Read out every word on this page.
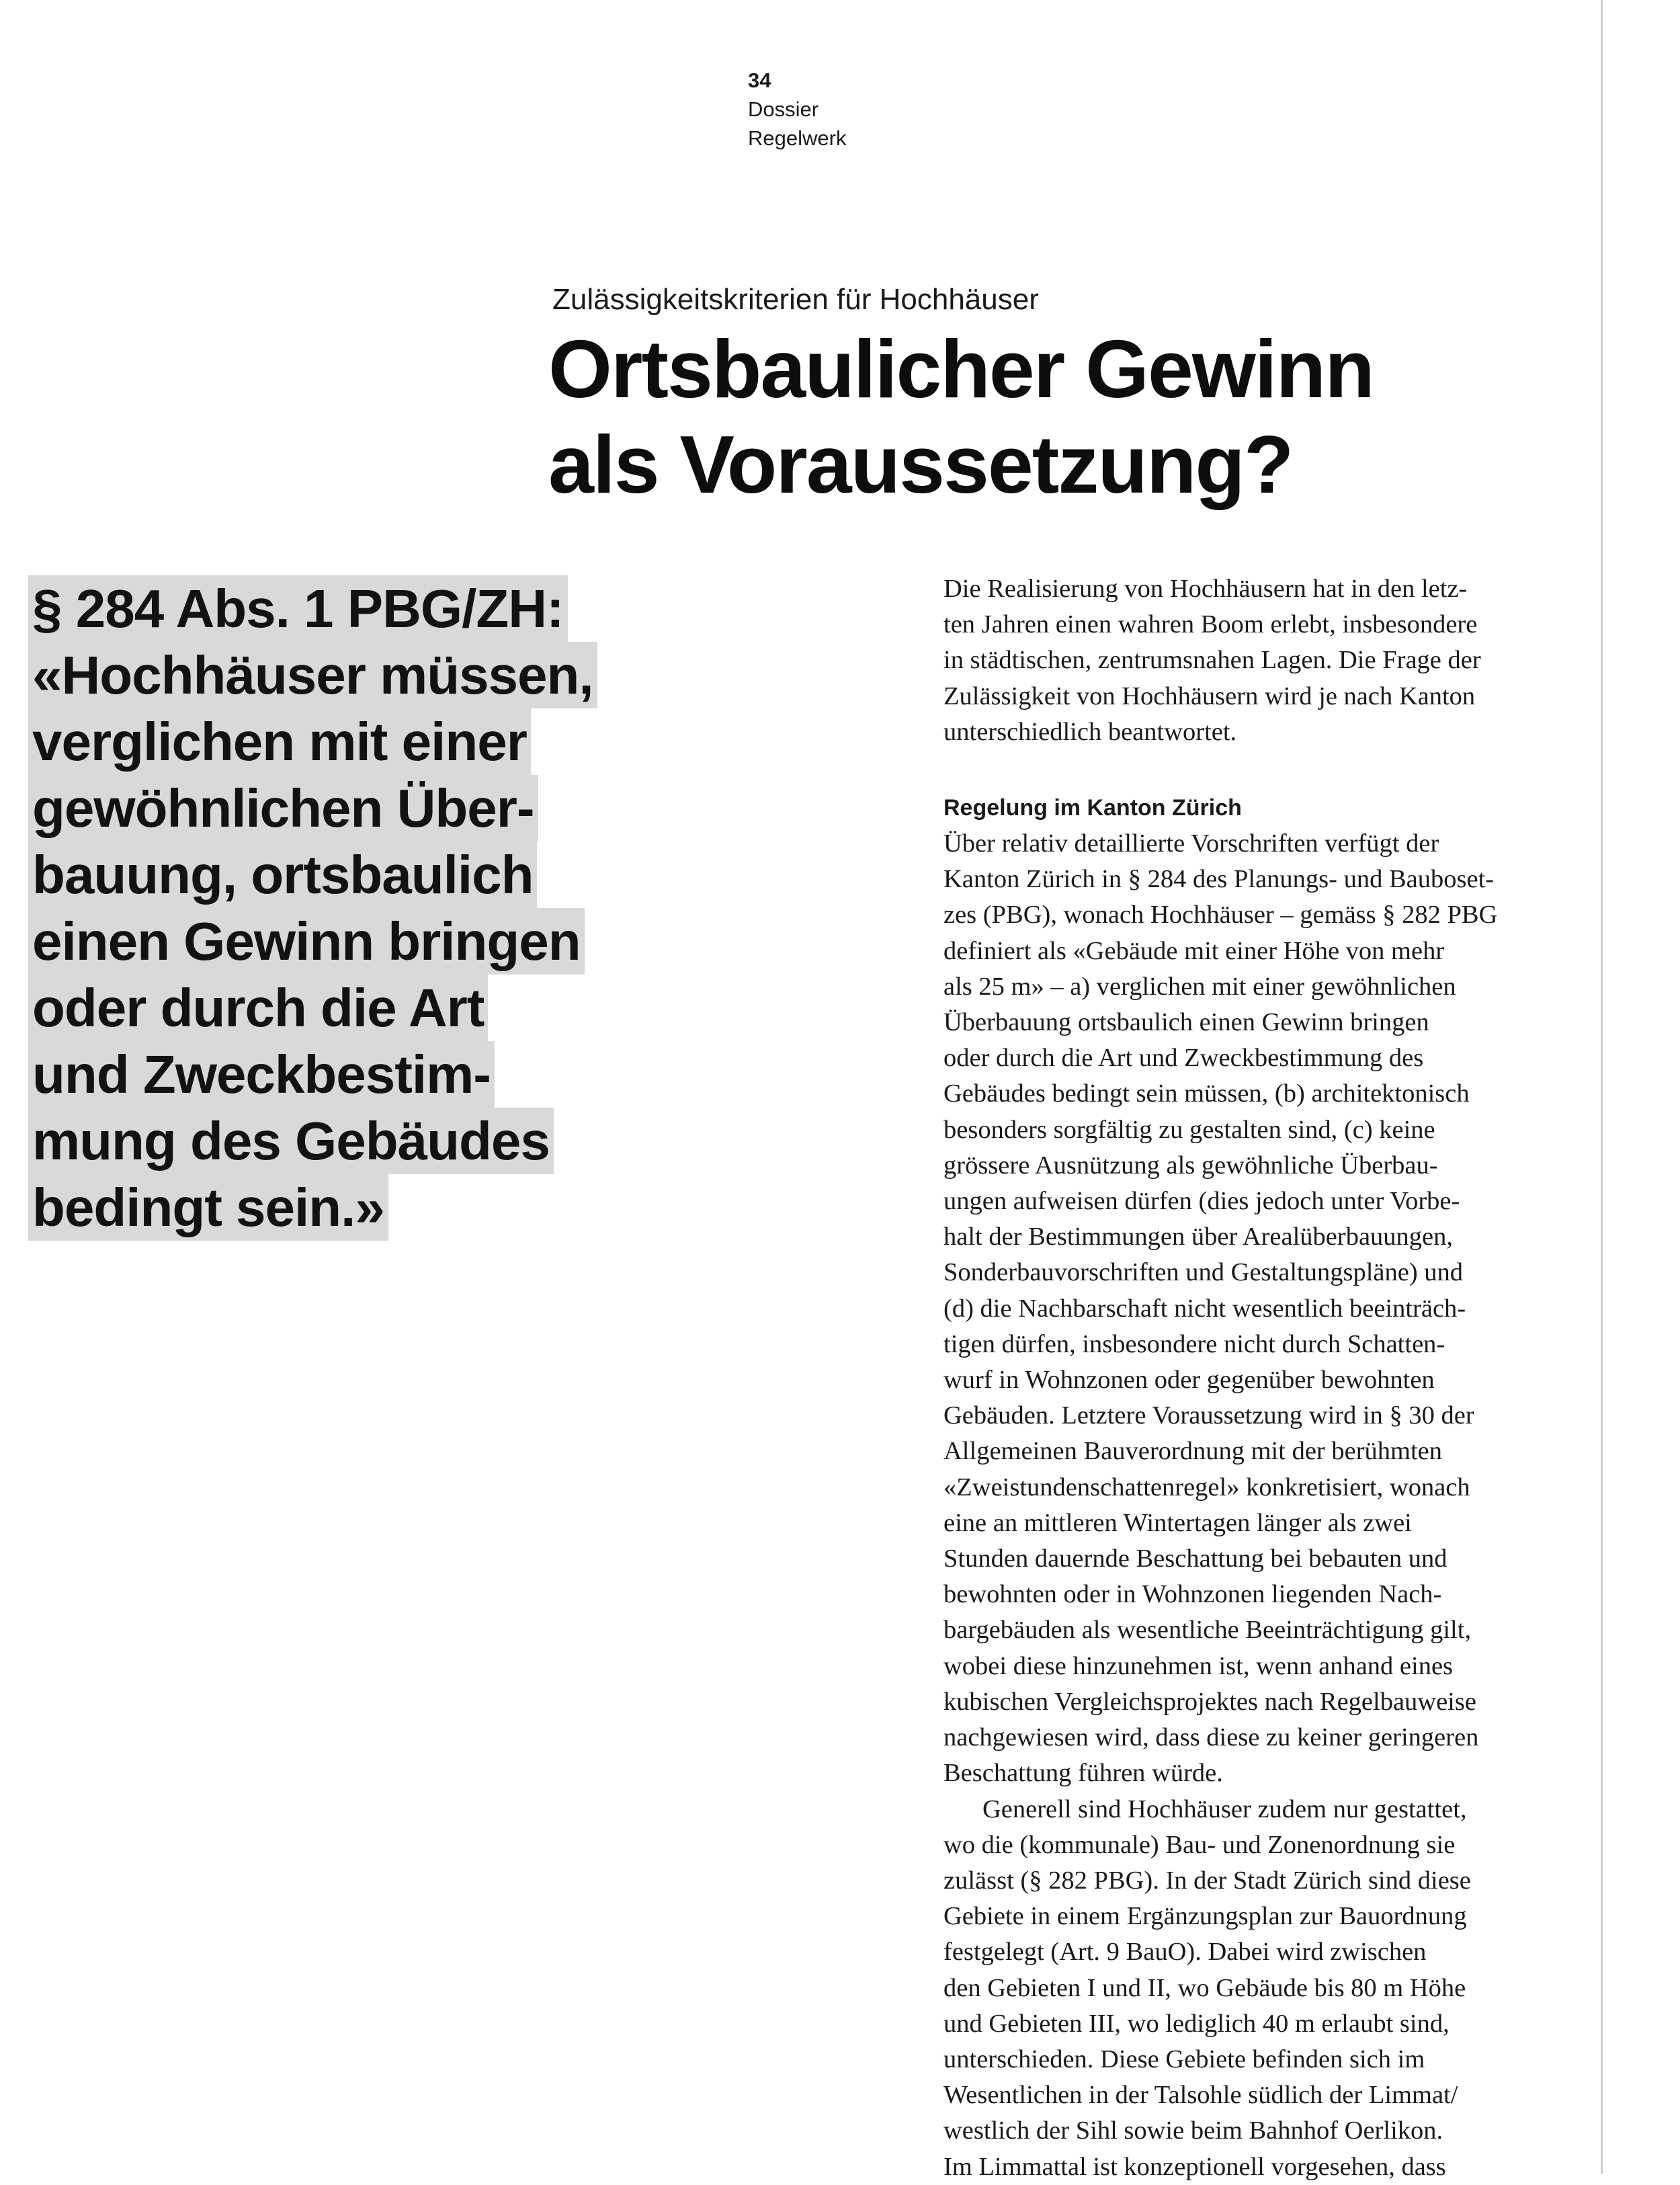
34
Dossier
Regelwerk
Zulässigkeitskriterien für Hochhäuser
Ortsbaulicher Gewinn
als Voraussetzung?
§ 284 Abs. 1 PBG/ZH:
«Hochhäuser müssen,
verglichen mit einer
gewöhnlichen Über-
bauung, ortsbaulich
einen Gewinn bringen
oder durch die Art
und Zweckbestim-
mung des Gebäudes
bedingt sein.»
Die Realisierung von Hochhäusern hat in den letz-
ten Jahren einen wahren Boom erlebt, insbesondere
in städtischen, zentrumsnahen Lagen. Die Frage der
Zulässigkeit von Hochhäusern wird je nach Kanton
unterschiedlich beantwortet.
Regelung im Kanton Zürich
Über relativ detaillierte Vorschriften verfügt der
Kanton Zürich in § 284 des Planungs- und Bauboset-
zes (PBG), wonach Hochhäuser – gemäss § 282 PBG
definiert als «Gebäude mit einer Höhe von mehr
als 25 m» – a) verglichen mit einer gewöhnlichen
Überbauung ortsbaulich einen Gewinn bringen
oder durch die Art und Zweckbestimmung des
Gebäudes bedingt sein müssen, (b) architektonisch
besonders sorgfältig zu gestalten sind, (c) keine
grössere Ausnützung als gewöhnliche Überbau-
ungen aufweisen dürfen (dies jedoch unter Vorbe-
halt der Bestimmungen über Arealüberbauungen,
Sonderbauvorschriften und Gestaltungspläne) und
(d) die Nachbarschaft nicht wesentlich beeinträch-
tigen dürfen, insbesondere nicht durch Schatten-
wurf in Wohnzonen oder gegenüber bewohnten
Gebäuden. Letztere Voraussetzung wird in § 30 der
Allgemeinen Bauverordnung mit der berühmten
«Zweistundenschattenregel» konkretisiert, wonach
eine an mittleren Wintertagen länger als zwei
Stunden dauernde Beschattung bei bebauten und
bewohnten oder in Wohnzonen liegenden Nach-
bargebäuden als wesentliche Beeinträchtigung gilt,
wobei diese hinzunehmen ist, wenn anhand eines
kubischen Vergleichsprojektes nach Regelbauweise
nachgewiesen wird, dass diese zu keiner geringeren
Beschattung führen würde.
Generell sind Hochhäuser zudem nur gestattet,
wo die (kommunale) Bau- und Zonenordnung sie
zulässt (§ 282 PBG). In der Stadt Zürich sind diese
Gebiete in einem Ergänzungsplan zur Bauordnung
festgelegt (Art. 9 BauO). Dabei wird zwischen
den Gebieten I und II, wo Gebäude bis 80 m Höhe
und Gebieten III, wo lediglich 40 m erlaubt sind,
unterschieden. Diese Gebiete befinden sich im
Wesentlichen in der Talsohle südlich der Limmat/
westlich der Sihl sowie beim Bahnhof Oerlikon.
Im Limmattal ist konzeptionell vorgesehen, dass
